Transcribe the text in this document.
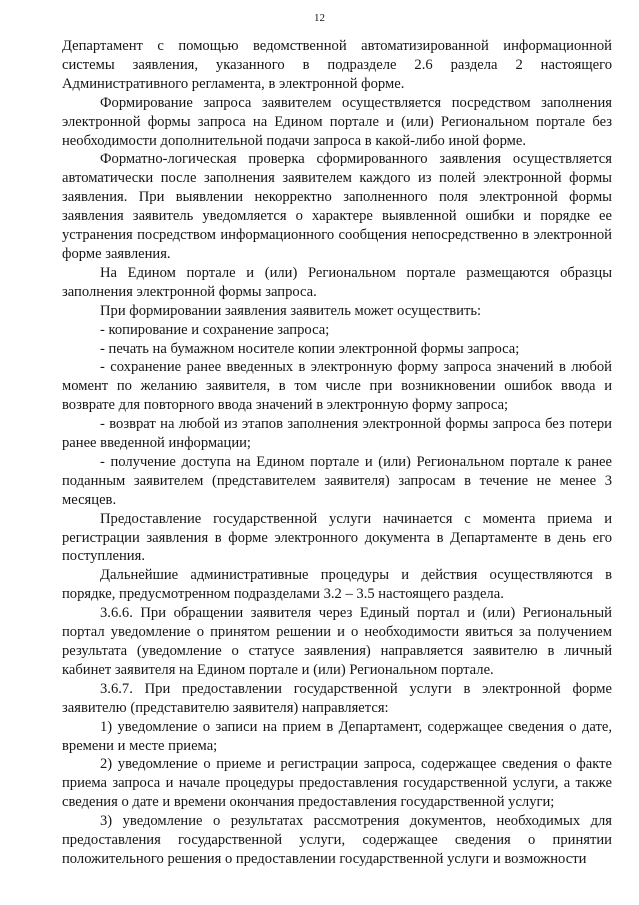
12

Департамент с помощью ведомственной автоматизированной информационной системы заявления, указанного в подразделе 2.6 раздела 2 настоящего Административного регламента, в электронной форме.

Формирование запроса заявителем осуществляется посредством заполнения электронной формы запроса на Едином портале и (или) Региональном портале без необходимости дополнительной подачи запроса в какой-либо иной форме.

Форматно-логическая проверка сформированного заявления осуществляется автоматически после заполнения заявителем каждого из полей электронной формы заявления. При выявлении некорректно заполненного поля электронной формы заявления заявитель уведомляется о характере выявленной ошибки и порядке ее устранения посредством информационного сообщения непосредственно в электронной форме заявления.

На Едином портале и (или) Региональном портале размещаются образцы заполнения электронной формы запроса.

При формировании заявления заявитель может осуществить:

- копирование и сохранение запроса;

- печать на бумажном носителе копии электронной формы запроса;

- сохранение ранее введенных в электронную форму запроса значений в любой момент по желанию заявителя, в том числе при возникновении ошибок ввода и возврате для повторного ввода значений в электронную форму запроса;

- возврат на любой из этапов заполнения электронной формы запроса без потери ранее введенной информации;

- получение доступа на Едином портале и (или) Региональном портале к ранее поданным заявителем (представителем заявителя) запросам в течение не менее 3 месяцев.

Предоставление государственной услуги начинается с момента приема и регистрации заявления в форме электронного документа в Департаменте в день его поступления.

Дальнейшие административные процедуры и действия осуществляются в порядке, предусмотренном подразделами 3.2 – 3.5 настоящего раздела.

3.6.6. При обращении заявителя через Единый портал и (или) Региональный портал уведомление о принятом решении и о необходимости явиться за получением результата (уведомление о статусе заявления) направляется заявителю в личный кабинет заявителя на Едином портале и (или) Региональном портале.

3.6.7. При предоставлении государственной услуги в электронной форме заявителю (представителю заявителя) направляется:

1) уведомление о записи на прием в Департамент, содержащее сведения о дате, времени и месте приема;

2) уведомление о приеме и регистрации запроса, содержащее сведения о факте приема запроса и начале процедуры предоставления государственной услуги, а также сведения о дате и времени окончания предоставления государственной услуги;

3) уведомление о результатах рассмотрения документов, необходимых для предоставления государственной услуги, содержащее сведения о принятии положительного решения о предоставлении государственной услуги и возможности
